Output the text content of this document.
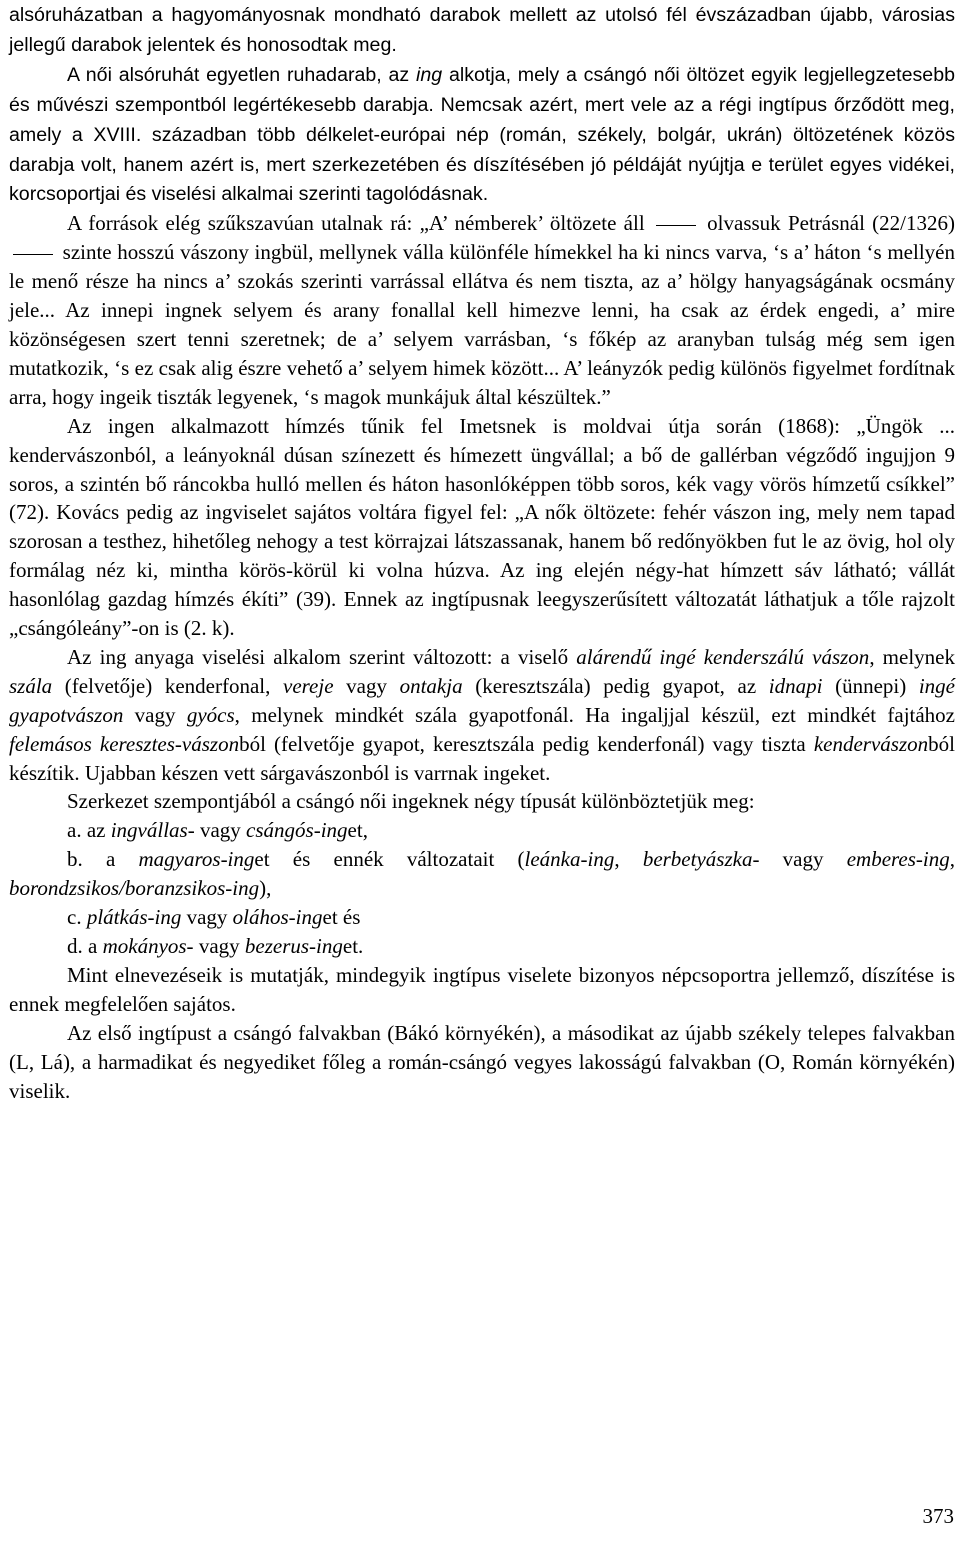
alsóruházatban a hagyományosnak mondható darabok mellett az utolsó fél évszázadban újabb, városias jellegű darabok jelentek és honosodtak meg.

A női alsóruhát egyetlen ruhadarab, az ing alkotja, mely a csángó női öltözet egyik legjellegzetesebb és művészi szempontból legértékesebb darabja. Nemcsak azért, mert vele az a régi ingtípus őrződött meg, amely a XVIII. században több délkelet-európai nép (román, székely, bolgár, ukrán) öltözetének közös darabja volt, hanem azért is, mert szerkezetében és díszítésében jó példáját nyújtja e terület egyes vidékei, korcsoportjai és viselési alkalmai szerinti tagolódásnak.

A források elég szűkszavúan utalnak rá: „A’ némberek’ öltözete áll  olvassuk Petrásnál (22/1326)  szinte hosszú vászony ingbül, mellynek válla különféle hímekkel ha ki nincs varva, ‘s a’ háton ‘s mellyén le menő része ha nincs a’ szokás szerinti varrással ellátva és nem tiszta, az a’ hölgy hanyagságának ocsmány jele... Az innepi ingnek selyem és arany fonallal kell himezve lenni, ha csak az érdek engedi, a’ mire közönségesen szert tenni szeretnek; de a’ selyem varrásban, ‘s főkép az aranyban tulság még sem igen mutatkozik, ‘s ez csak alig észre vehető a’ selyem himek között... A’ leányzók pedig különös figyelmet fordítnak arra, hogy ingeik tiszták legyenek, ‘s magok munkájuk által készültek.”

Az ingen alkalmazott hímzés tűnik fel Imetsnek is moldvai útja során (1868): „Üngök ... kendervászonból, a leányoknál dúsan színezett és hímezett üngvállal; a bő de gallérban végződő ingujjon 9 soros, a szintén bő ráncokba hulló mellen és háton hasonlóképpen több soros, kék vagy vörös hímzetű csíkkel” (72). Kovács pedig az ingviselet sajátos voltára figyel fel: „A nők öltözete: fehér vászon ing, mely nem tapad szorosan a testhez, hihetőleg nehogy a test körrajzai látszassanak, hanem bő redőnyökben fut le az övig, hol oly formálag néz ki, mintha körös-körül ki volna húzva. Az ing elején négy-hat hímzett sáv látható; vállát hasonlólag gazdag hímzés ékíti” (39). Ennek az ingtípusnak leegyszerűsített változatát láthatjuk a tőle rajzolt „csángóleány”-on is (2. k).

Az ing anyaga viselési alkalom szerint változott: a viselő alárendű ingé kenderszálú vászon, melynek szála (felvetője) kenderfonal, vereje vagy ontakja (keresztszála) pedig gyapot, az idnapi (ünnepi) ingé gyapotvászon vagy gyócs, melynek mindkét szála gyapotfonál. Ha ingaljjal készül, ezt mindkét fajtához felemásos keresztes-vászonból (felvetője gyapot, keresztszála pedig kenderfonál) vagy tiszta kendervászonból készítik. Ujabban készen vett sárgavászonból is varrnak ingeket.

Szerkezet szempontjából a csángó női ingeknek négy típusát különböztetjük meg:

a. az ingvállas- vagy csángós-inget,

b. a magyaros-inget és ennék változatait (leánka-ing, berbetyászka- vagy emberes-ing, borondzsikos/boranzsikos-ing),

c. plátkás-ing vagy oláhos-inget és

d. a mokányos- vagy bezerus-inget.

Mint elnevezéseik is mutatják, mindegyik ingtípus viselete bizonyos népcsoportra jellemző, díszítése is ennek megfelelően sajátos.

Az első ingtípust a csángó falvakban (Bákó környékén), a másodikat az újabb székely telepes falvakban (L, Lá), a harmadikat és negyediket főleg a román-csángó vegyes lakosságú falvakban (O, Román környékén) viselik.

373
